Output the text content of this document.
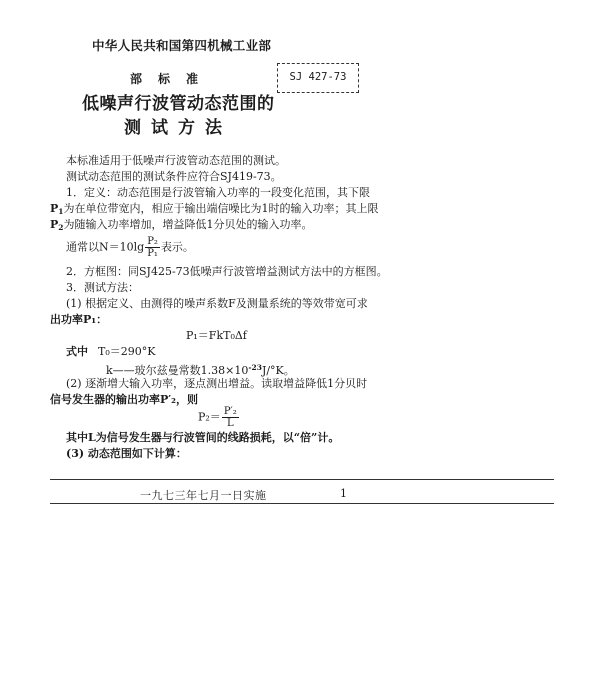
中华人民共和国第四机械工业部
部标准
低噪声行波管动态范围的
测试方法
SJ 427-73
本标准适用于低噪声行波管动态范围的测试。
测试动态范围的测试条件应符合SJ419-73。
1．定义：动态范围是行波管输入功率的一段变化范围，其下限
$P_1$为在单位带宽内，相应于输出端信噪比为1时的输入功率；其上限
$P_2$为随输入功率增加，增益降低1分贝处的输入功率。
通常以$N=10\lg \frac{\text{P₂}}{\text{P₁}}$ 表示。
2．方框图：同SJ425-73低噪声行波管增益测试方法中的方框图。
3．测试方法：
(1) 根据定义、由测得的噪声系数F及测量系统的等效带宽可求
出功率P₁：
P₁＝FkT₀Δf
式中 T₀＝290°K
k——玻尔兹曼常数$1.38\times 10^{-23}J/^\circ K$。
(2) 逐渐增大输入功率，逐点测出增益。读取增益降低1分贝时
信号发生器的输出功率P′₂，则
$P_2= \frac{\text{P′₂}}{L}$
其中L为信号发生器与行波管间的线路损耗，以“倍”计。
(3) 动态范围如下计算：
一九七三年七月一日实施	1
